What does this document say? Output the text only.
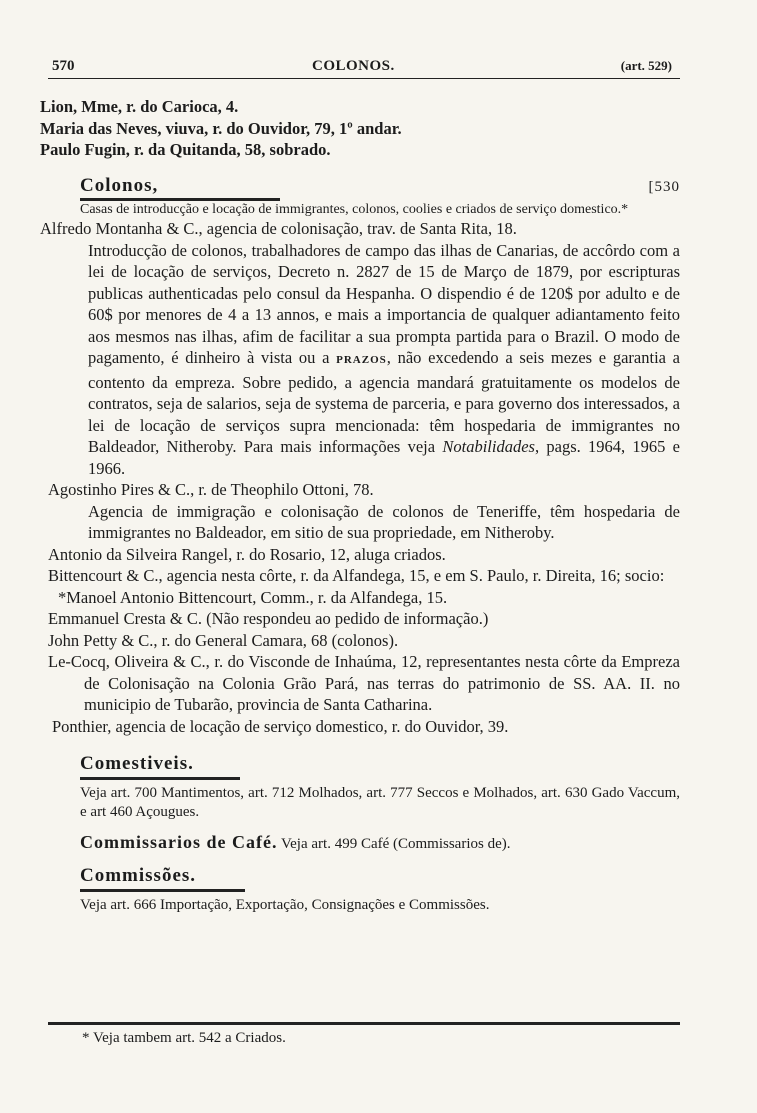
570	COLONOS.	(art. 529)

Lion, Mme, r. do Carioca, 4.

Maria das Neves, viuva, r. do Ouvidor, 79, 1º andar.

Paulo Fugin, r. da Quitanda, 58, sobrado.

Colonos,	[530

Casas de introducção e locação de immigrantes, colonos, coolies e criados de serviço domestico.*

Alfredo Montanha & C., agencia de colonisação, trav. de Santa Rita, 18.

Introducção de colonos, trabalhadores de campo das ilhas de Canarias, de accôrdo com a lei de locação de serviços, Decreto n. 2827 de 15 de Março de 1879, por escripturas publicas authenticadas pelo consul da Hespanha. O dispendio é de 120$ por adulto e de 60$ por menores de 4 a 13 annos, e mais a importancia de qualquer adiantamento feito aos mesmos nas ilhas, afim de facilitar a sua prompta partida para o Brazil. O modo de pagamento, é dinheiro à vista ou a PRAZOS, não excedendo a seis mezes e garantia a contento da empreza. Sobre pedido, a agencia mandará gratuitamente os modelos de contratos, seja de salarios, seja de systema de parceria, e para governo dos interessados, a lei de locação de serviços supra mencionada: têm hospedaria de immigrantes no Baldeador, Nitheroby. Para mais informações veja Notabilidades, pags. 1964, 1965 e 1966.

Agostinho Pires & C., r. de Theophilo Ottoni, 78.

Agencia de immigração e colonisação de colonos de Teneriffe, têm hospedaria de immigrantes no Baldeador, em sitio de sua propriedade, em Nitheroby.

Antonio da Silveira Rangel, r. do Rosario, 12, aluga criados.

Bittencourt & C., agencia nesta côrte, r. da Alfandega, 15, e em S. Paulo, r. Direita, 16; socio:

*Manoel Antonio Bittencourt, Comm., r. da Alfandega, 15.

Emmanuel Cresta & C. (Não respondeu ao pedido de informação.)

John Petty & C., r. do General Camara, 68 (colonos).

Le-Cocq, Oliveira & C., r. do Visconde de Inhaúma, 12, representantes nesta côrte da Empreza de Colonisação na Colonia Grão Pará, nas terras do patrimonio de SS. AA. II. no municipio de Tubarão, provincia de Santa Catharina.

Ponthier, agencia de locação de serviço domestico, r. do Ouvidor, 39.

Comestiveis.

Veja art. 700 Mantimentos, art. 712 Molhados, art. 777 Seccos e Molhados, art. 630 Gado Vaccum, e art 460 Açougues.

Commissarios de Café. Veja art. 499 Café (Commissarios de).

Commissões.

Veja art. 666 Importação, Exportação, Consignações e Commissões.

* Veja tambem art. 542 a Criados.
